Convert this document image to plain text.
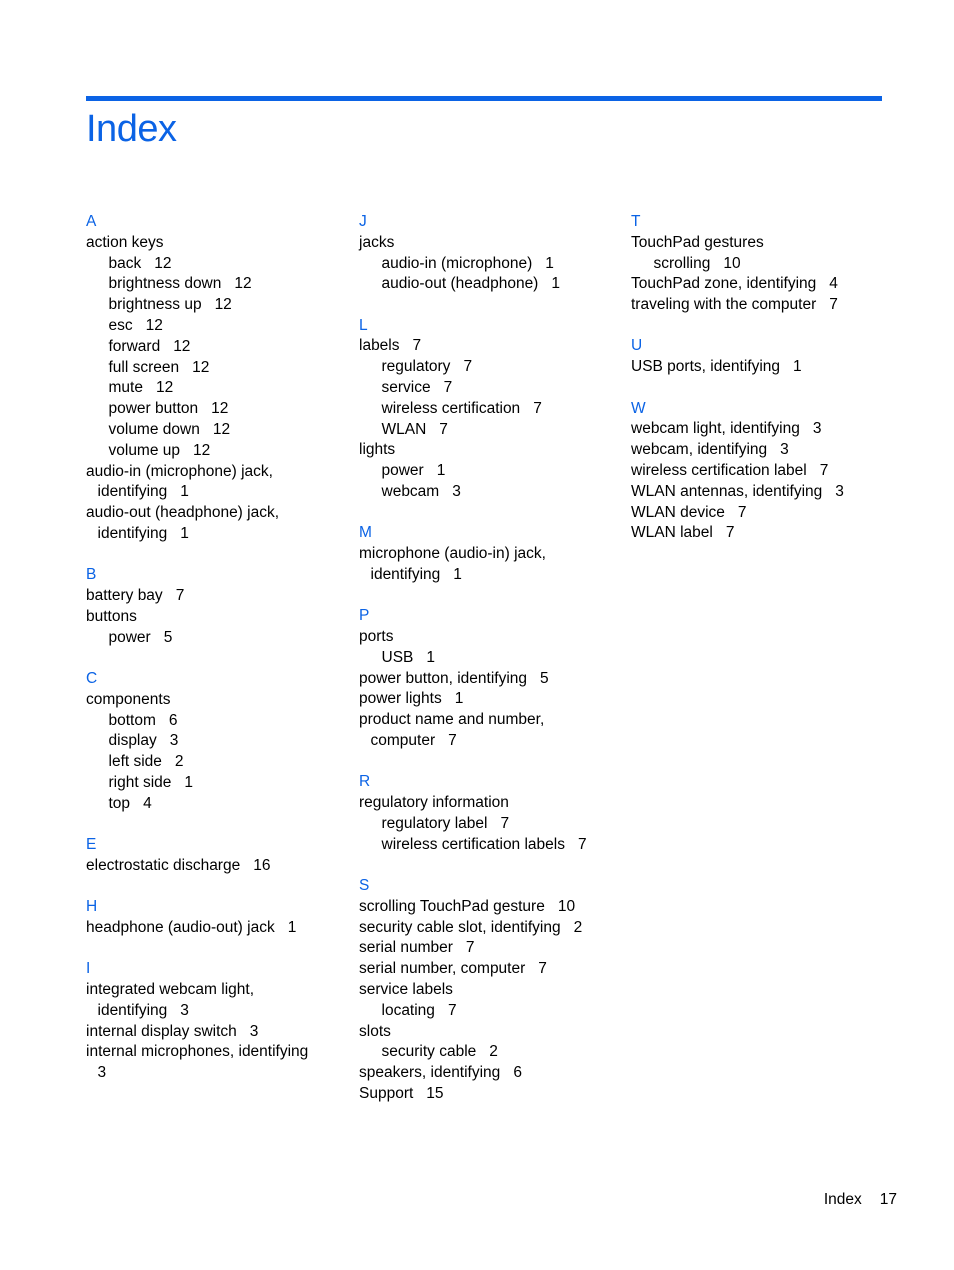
Index
A
action keys
back 12
brightness down 12
brightness up 12
esc 12
forward 12
full screen 12
mute 12
power button 12
volume down 12
volume up 12
audio-in (microphone) jack,
identifying 1
audio-out (headphone) jack,
identifying 1
B
battery bay 7
buttons
power 5
C
components
bottom 6
display 3
left side 2
right side 1
top 4
E
electrostatic discharge 16
H
headphone (audio-out) jack 1
I
integrated webcam light,
identifying 3
internal display switch 3
internal microphones, identifying
3
J
jacks
audio-in (microphone) 1
audio-out (headphone) 1
L
labels 7
regulatory 7
service 7
wireless certification 7
WLAN 7
lights
power 1
webcam 3
M
microphone (audio-in) jack,
identifying 1
P
ports
USB 1
power button, identifying 5
power lights 1
product name and number,
computer 7
R
regulatory information
regulatory label 7
wireless certification labels 7
S
scrolling TouchPad gesture 10
security cable slot, identifying 2
serial number 7
serial number, computer 7
service labels
locating 7
slots
security cable 2
speakers, identifying 6
Support 15
T
TouchPad gestures
scrolling 10
TouchPad zone, identifying 4
traveling with the computer 7
U
USB ports, identifying 1
W
webcam light, identifying 3
webcam, identifying 3
wireless certification label 7
WLAN antennas, identifying 3
WLAN device 7
WLAN label 7
Index 17
